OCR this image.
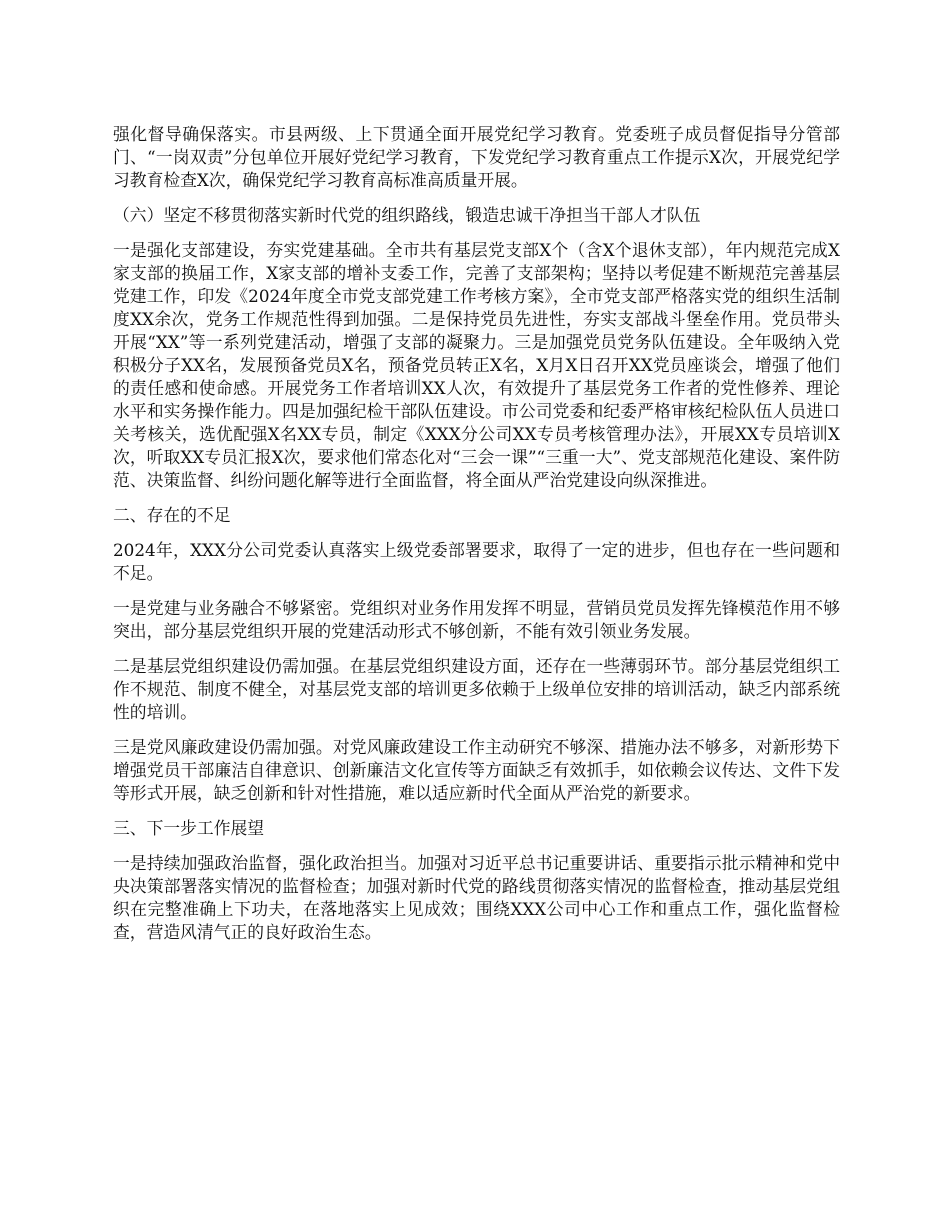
强化督导确保落实。市县两级、上下贯通全面开展党纪学习教育。党委班子成员督促指导分管部门、“一岗双责”分包单位开展好党纪学习教育，下发党纪学习教育重点工作提示X次，开展党纪学习教育检查X次，确保党纪学习教育高标准高质量开展。

（六）坚定不移贯彻落实新时代党的组织路线，锻造忠诚干净担当干部人才队伍

一是强化支部建设，夯实党建基础。全市共有基层党支部X个（含X个退休支部），年内规范完成X家支部的换届工作，X家支部的增补支委工作，完善了支部架构；坚持以考促建不断规范完善基层党建工作，印发《2024年度全市党支部党建工作考核方案》，全市党支部严格落实党的组织生活制度XX余次，党务工作规范性得到加强。二是保持党员先进性，夯实支部战斗堡垒作用。党员带头开展“XX”等一系列党建活动，增强了支部的凝聚力。三是加强党员党务队伍建设。全年吸纳入党积极分子XX名，发展预备党员X名，预备党员转正X名，X月X日召开XX党员座谈会，增强了他们的责任感和使命感。开展党务工作者培训XX人次，有效提升了基层党务工作者的党性修养、理论水平和实务操作能力。四是加强纪检干部队伍建设。市公司党委和纪委严格审核纪检队伍人员进口关考核关，选优配强X名XX专员，制定《XXX分公司XX专员考核管理办法》，开展XX专员培训X次，听取XX专员汇报X次，要求他们常态化对“三会一课”“三重一大”、党支部规范化建设、案件防范、决策监督、纠纷问题化解等进行全面监督，将全面从严治党建设向纵深推进。

二、存在的不足

2024年，XXX分公司党委认真落实上级党委部署要求，取得了一定的进步，但也存在一些问题和不足。

一是党建与业务融合不够紧密。党组织对业务作用发挥不明显，营销员党员发挥先锋模范作用不够突出，部分基层党组织开展的党建活动形式不够创新，不能有效引领业务发展。

二是基层党组织建设仍需加强。在基层党组织建设方面，还存在一些薄弱环节。部分基层党组织工作不规范、制度不健全，对基层党支部的培训更多依赖于上级单位安排的培训活动，缺乏内部系统性的培训。

三是党风廉政建设仍需加强。对党风廉政建设工作主动研究不够深、措施办法不够多，对新形势下增强党员干部廉洁自律意识、创新廉洁文化宣传等方面缺乏有效抓手，如依赖会议传达、文件下发等形式开展，缺乏创新和针对性措施，难以适应新时代全面从严治党的新要求。

三、下一步工作展望

一是持续加强政治监督，强化政治担当。加强对习近平总书记重要讲话、重要指示批示精神和党中央决策部署落实情况的监督检查；加强对新时代党的路线贯彻落实情况的监督检查，推动基层党组织在完整准确上下功夫，在落地落实上见成效；围绕XXX公司中心工作和重点工作，强化监督检查，营造风清气正的良好政治生态。
